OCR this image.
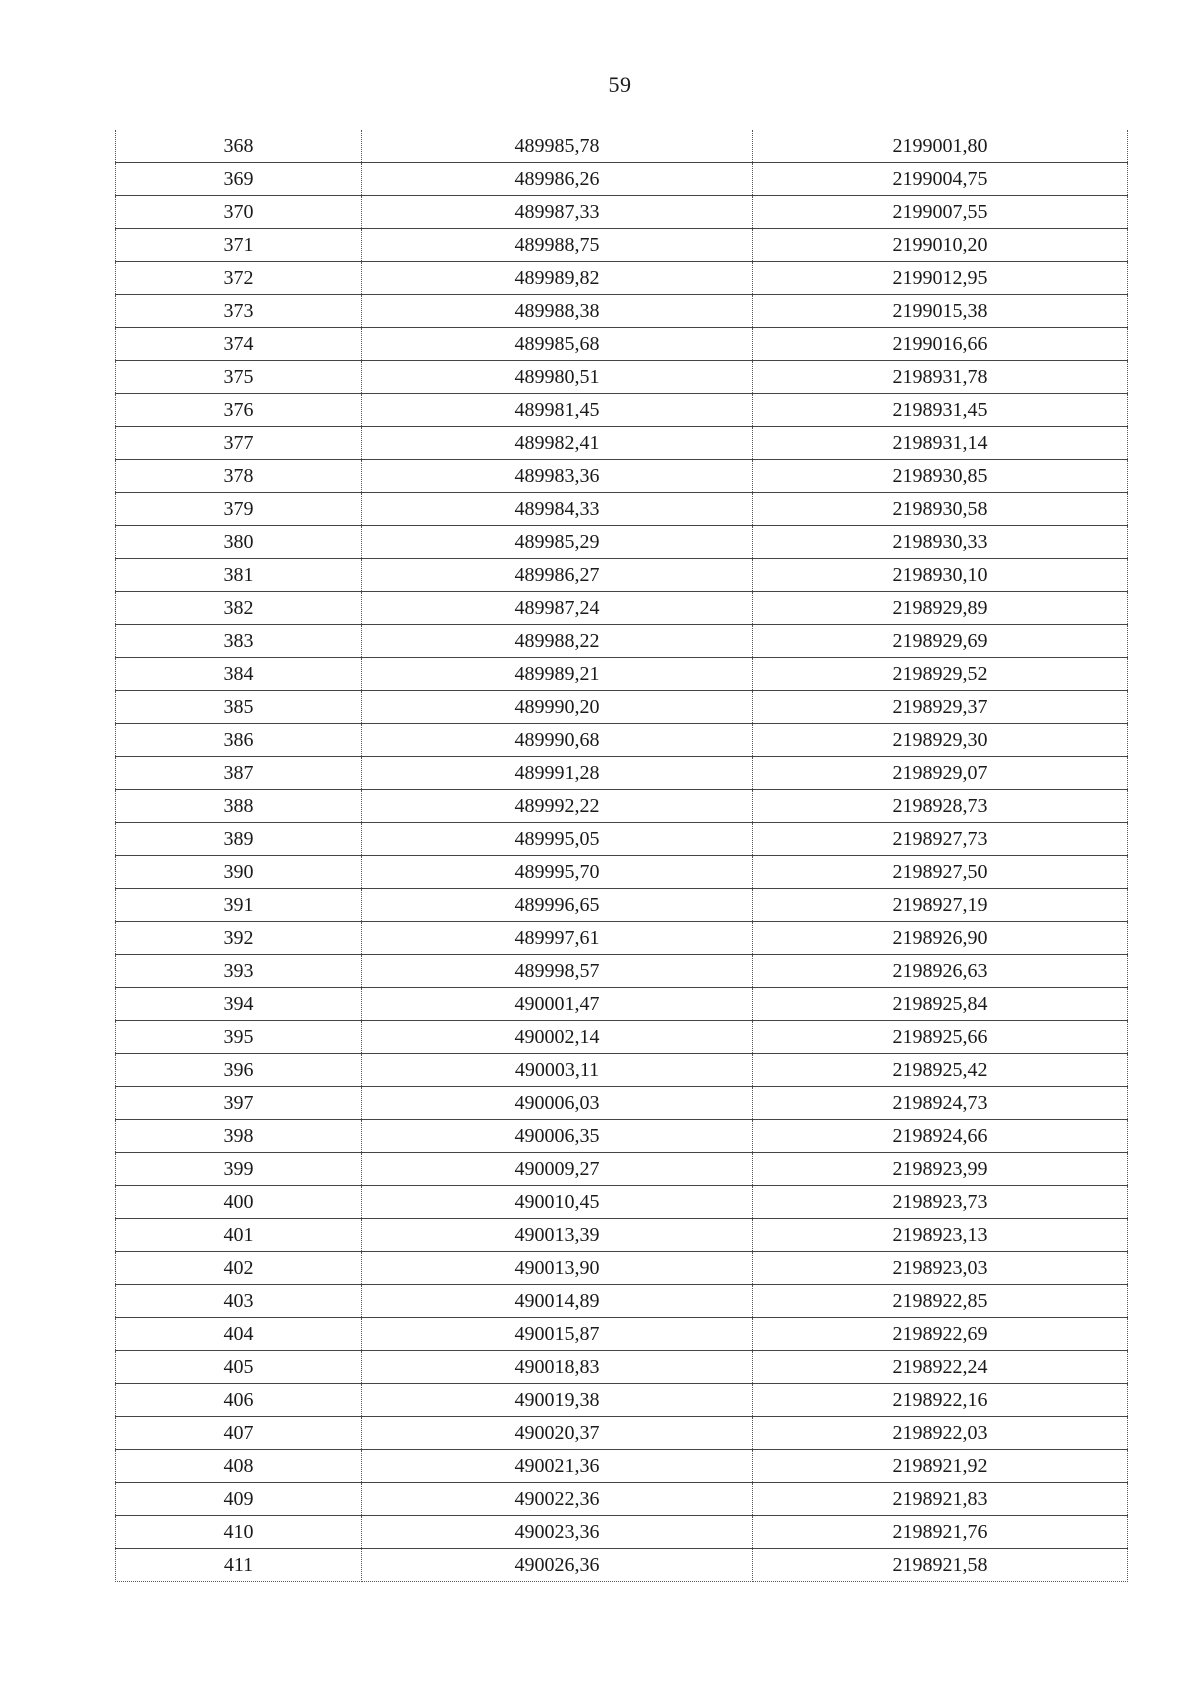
59
368	489985,78	2199001,80
369	489986,26	2199004,75
370	489987,33	2199007,55
371	489988,75	2199010,20
372	489989,82	2199012,95
373	489988,38	2199015,38
374	489985,68	2199016,66
375	489980,51	2198931,78
376	489981,45	2198931,45
377	489982,41	2198931,14
378	489983,36	2198930,85
379	489984,33	2198930,58
380	489985,29	2198930,33
381	489986,27	2198930,10
382	489987,24	2198929,89
383	489988,22	2198929,69
384	489989,21	2198929,52
385	489990,20	2198929,37
386	489990,68	2198929,30
387	489991,28	2198929,07
388	489992,22	2198928,73
389	489995,05	2198927,73
390	489995,70	2198927,50
391	489996,65	2198927,19
392	489997,61	2198926,90
393	489998,57	2198926,63
394	490001,47	2198925,84
395	490002,14	2198925,66
396	490003,11	2198925,42
397	490006,03	2198924,73
398	490006,35	2198924,66
399	490009,27	2198923,99
400	490010,45	2198923,73
401	490013,39	2198923,13
402	490013,90	2198923,03
403	490014,89	2198922,85
404	490015,87	2198922,69
405	490018,83	2198922,24
406	490019,38	2198922,16
407	490020,37	2198922,03
408	490021,36	2198921,92
409	490022,36	2198921,83
410	490023,36	2198921,76
411	490026,36	2198921,58
